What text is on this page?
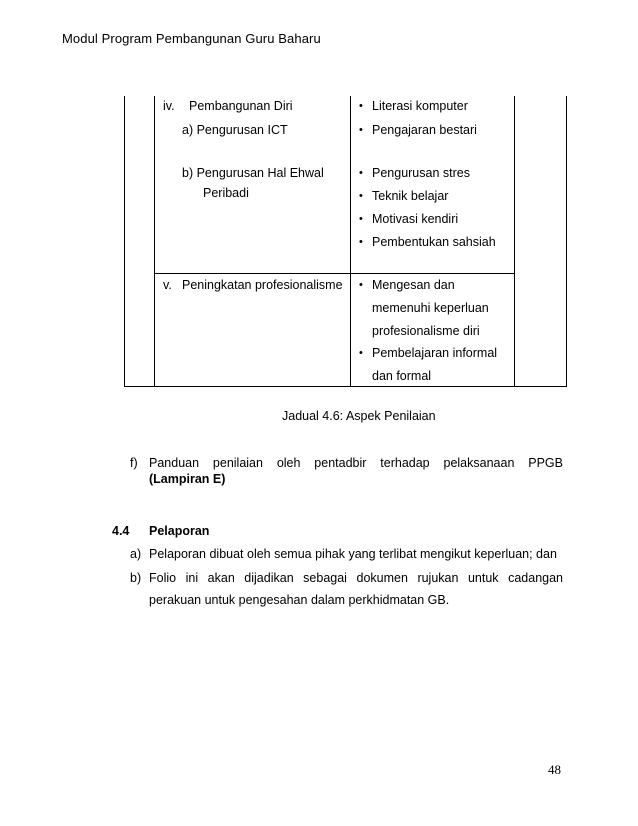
Modul Program Pembangunan Guru Baharu
iv. Pembangunan Diri
a) Pengurusan ICT
b) Pengurusan Hal Ehwal
Peribadi
• Literasi komputer
• Pengajaran bestari
• Pengurusan stres
• Teknik belajar
• Motivasi kendiri
• Pembentukan sahsiah
v. Peningkatan profesionalisme • Mengesan dan
memenuhi keperluan
profesionalisme diri
• Pembelajaran informal
dan formal
Jadual 4.6: Aspek Penilaian
f) Panduan penilaian oleh pentadbir terhadap pelaksanaan PPGB
(Lampiran E)
4.4 Pelaporan
a) Pelaporan dibuat oleh semua pihak yang terlibat mengikut keperluan; dan
b) Folio ini akan dijadikan sebagai dokumen rujukan untuk cadangan
perakuan untuk pengesahan dalam perkhidmatan GB.
48
